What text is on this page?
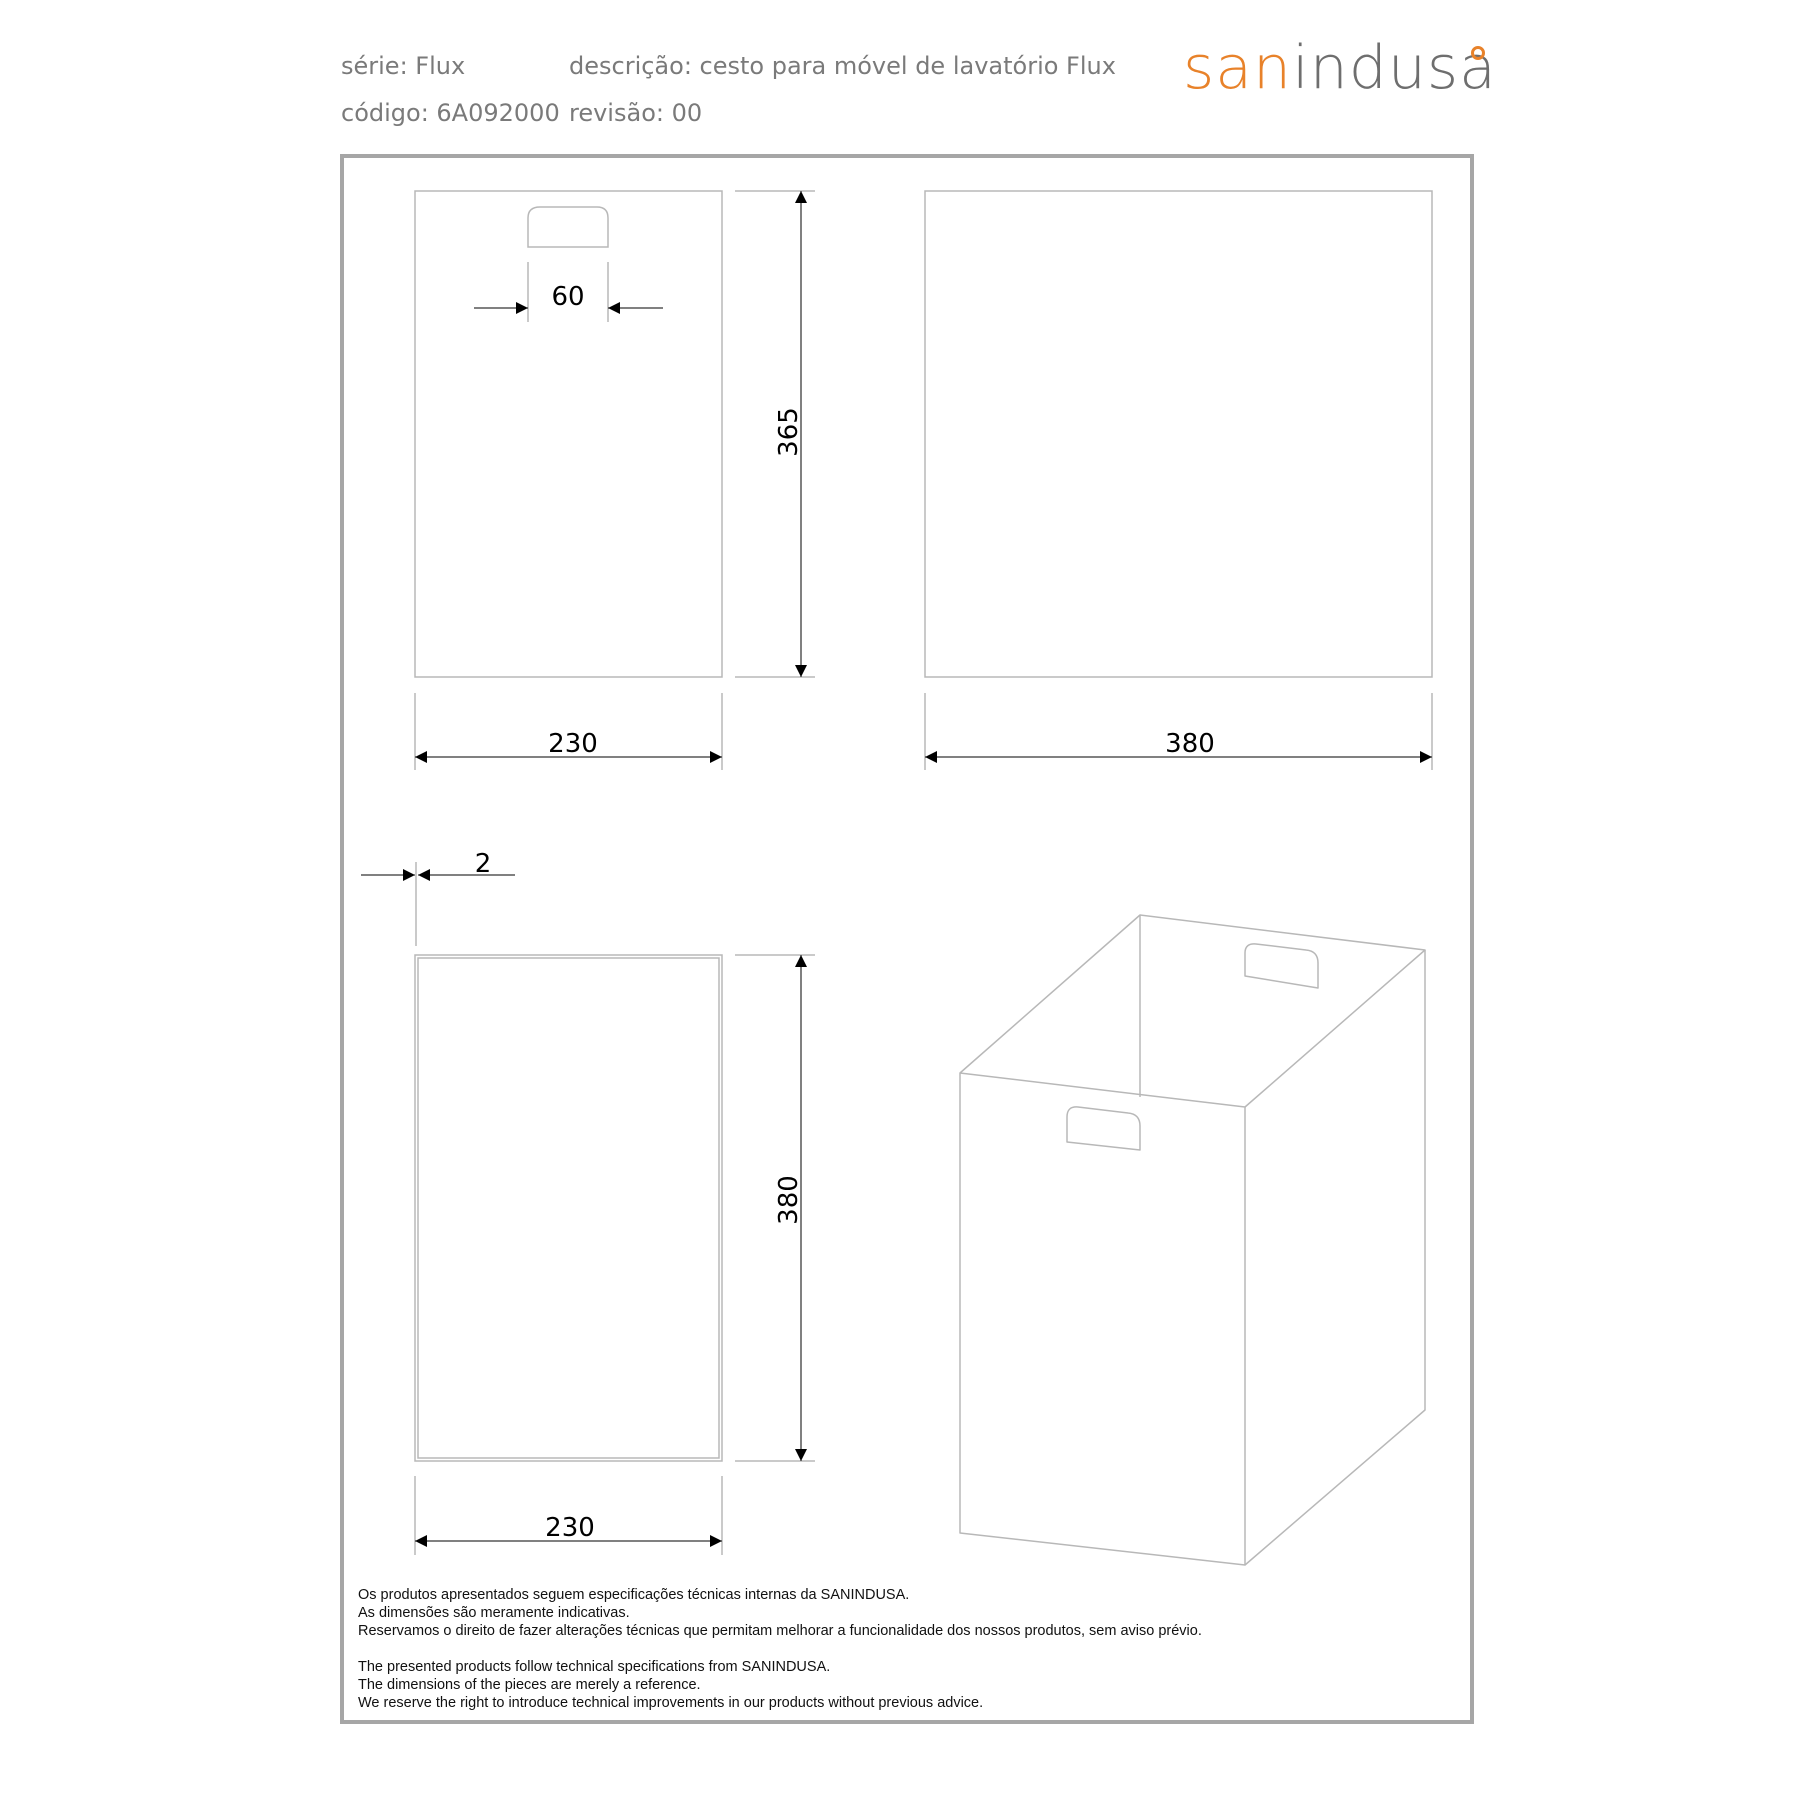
série: Flux	descrição: cesto para móvel de lavatório Flux
código: 6A092000 revisão: 00
sanindusa
60
365
230	380
2
380
230

Os produtos apresentados seguem especificações técnicas internas da SANINDUSA.

As dimensões são meramente indicativas.

Reservamos o direito de fazer alterações técnicas que permitam melhorar a funcionalidade dos nossos produtos, sem aviso prévio.

The presented products follow technical specifications from SANINDUSA.

The dimensions of the pieces are merely a reference.

We reserve the right to introduce technical improvements in our products without previous advice.
